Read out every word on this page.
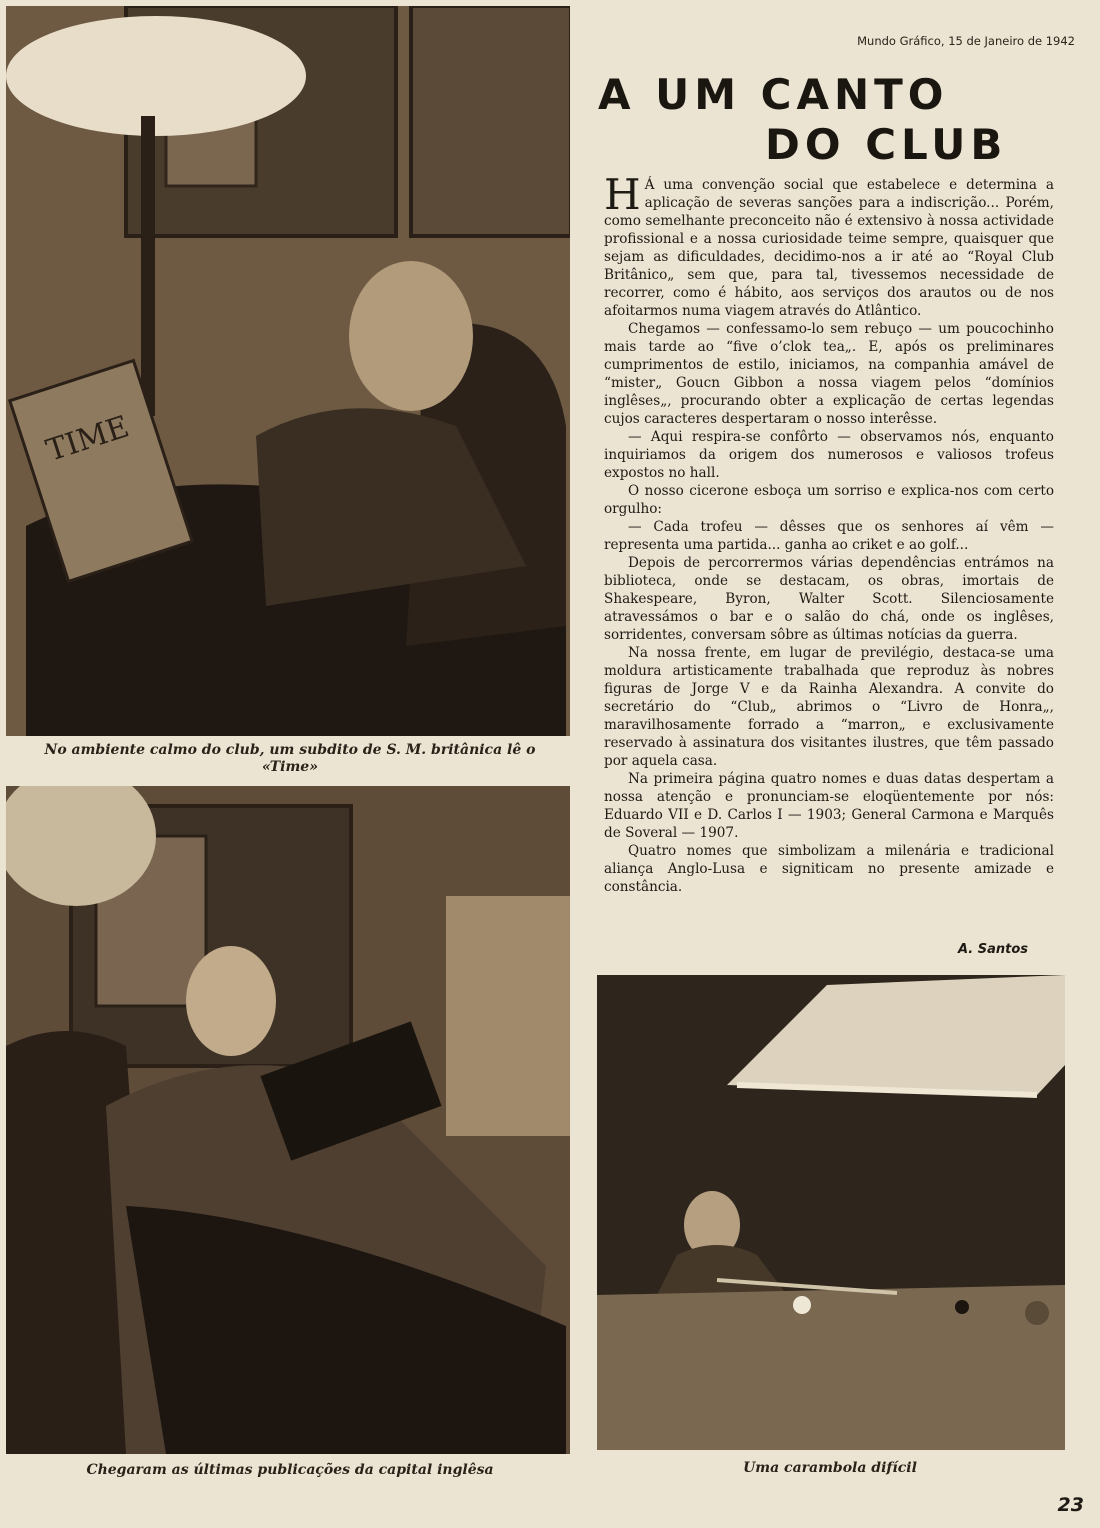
TIME
No ambiente calmo do club, um subdito de S. M. britânica lê o «Time»
Chegaram as últimas publicações da capital inglêsa
Mundo Gráfico, 15 de Janeiro de 1942
A UM CANTO
DO CLUB

H Á uma convenção social que estabelece e determina a aplicação de severas sanções para a indiscrição... Porém, como semelhante preconceito não é extensivo à nossa actividade profissional e a nossa curiosidade teime sempre, quaisquer que sejam as dificuldades, decidimo-nos a ir até ao “Royal Club Britânico„ sem que, para tal, tivessemos necessidade de recorrer, como é hábito, aos serviços dos arautos ou de nos afoitarmos numa viagem através do Atlântico.

Chegamos — confessamo-lo sem rebuço — um poucochinho mais tarde ao “five o’clok tea„. E, após os preliminares cumprimentos de estilo, iniciamos, na companhia amável de “mister„ Goucn Gibbon a nossa viagem pelos “domínios inglêses„, procurando obter a explicação de certas legendas cujos caracteres despertaram o nosso interêsse.

— Aqui respira-se confôrto — observamos nós, enquanto inquiriamos da origem dos numerosos e valiosos trofeus expostos no hall.

O nosso cicerone esboça um sorriso e explica-nos com certo orgulho:

— Cada trofeu — dêsses que os senhores aí vêm — representa uma partida... ganha ao criket e ao golf...

Depois de percorrermos várias dependências entrámos na biblioteca, onde se destacam, os obras, imortais de Shakespeare, Byron, Walter Scott. Silenciosamente atravessámos o bar e o salão do chá, onde os inglêses, sorridentes, conversam sôbre as últimas notícias da guerra.

Na nossa frente, em lugar de previlégio, destaca-se uma moldura artisticamente trabalhada que reproduz às nobres figuras de Jorge V e da Rainha Alexandra. A convite do secretário do “Club„ abrimos o “Livro de Honra„, maravilhosamente forrado a “marron„ e exclusivamente reservado à assinatura dos visitantes ilustres, que têm passado por aquela casa.

Na primeira página quatro nomes e duas datas despertam a nossa atenção e pronunciam-se eloqüentemente por nós: Eduardo VII e D. Carlos I — 1903; General Carmona e Marquês de Soveral — 1907.

Quatro nomes que simbolizam a milenária e tradicional aliança Anglo-Lusa e signiticam no presente amizade e constância.

A. Santos
Uma carambola difícil
23
